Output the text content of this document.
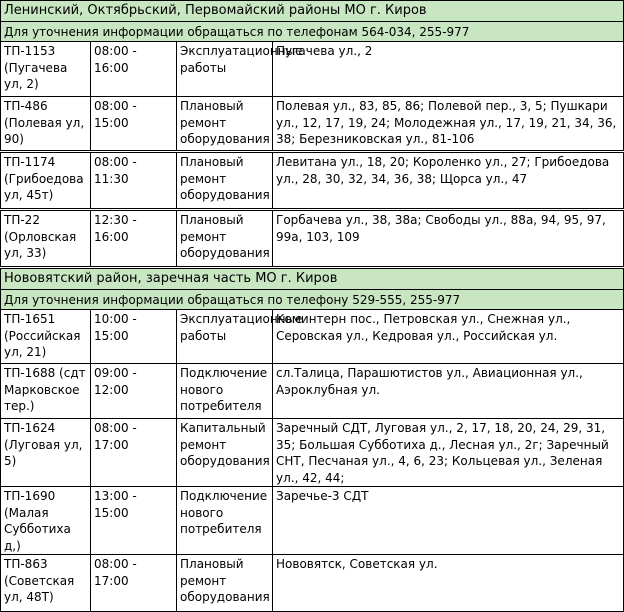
Ленинский, Октябрьский, Первомайский районы МО г. Киров			
Для уточнения информации обращаться по телефонам 564-034, 255-977			
ТП-1153 (Пугачева ул, 2)	08:00 - 16:00	Эксплуатационные работы	Пугачева ул., 2
ТП-486 (Полевая ул, 90)	08:00 - 15:00	Плановый ремонт оборудования	Полевая ул., 83, 85, 86; Полевой пер., 3, 5; Пушкари ул., 12, 17, 19, 24; Молодежная ул., 17, 19, 21, 34, 36, 38; Березниковская ул., 81-106
ТП-1174 (Грибоедова ул, 45т)	08:00 - 11:30	Плановый ремонт оборудования	Левитана ул., 18, 20; Короленко ул., 27; Грибоедова ул., 28, 30, 32, 34, 36, 38; Щорса ул., 47
ТП-22 (Орловская ул, 33)	12:30 - 16:00	Плановый ремонт оборудования	Горбачева ул., 38, 38а; Свободы ул., 88а, 94, 95, 97, 99а, 103, 109
Нововятский район, заречная часть МО г. Киров			
Для уточнения информации обращаться по телефону 529-555, 255-977			
ТП-1651 (Российская ул, 21)	10:00 - 15:00	Эксплуатационные работы	Коминтерн пос., Петровская ул., Снежная ул., Серовская ул., Кедровая ул., Российская ул.
ТП-1688 (сдт Марковское тер.)	09:00 - 12:00	Подключение нового потребителя	сл.Талица, Парашютистов ул., Авиационная ул., Аэроклубная ул.
ТП-1624 (Луговая ул, 5)	08:00 - 17:00	Капитальный ремонт оборудования	Заречный СДТ, Луговая ул., 2, 17, 18, 20, 24, 29, 31, 35; Большая Субботиха д., Лесная ул., 2г; Заречный СНТ, Песчаная ул., 4, 6, 23; Кольцевая ул., Зеленая ул., 42, 44;
ТП-1690 (Малая Субботиха д,)	13:00 - 15:00	Подключение нового потребителя	Заречье-3 СДТ
ТП-863 (Советская ул, 48Т)	08:00 - 17:00	Плановый ремонт оборудования	Нововятск, Советская ул.
